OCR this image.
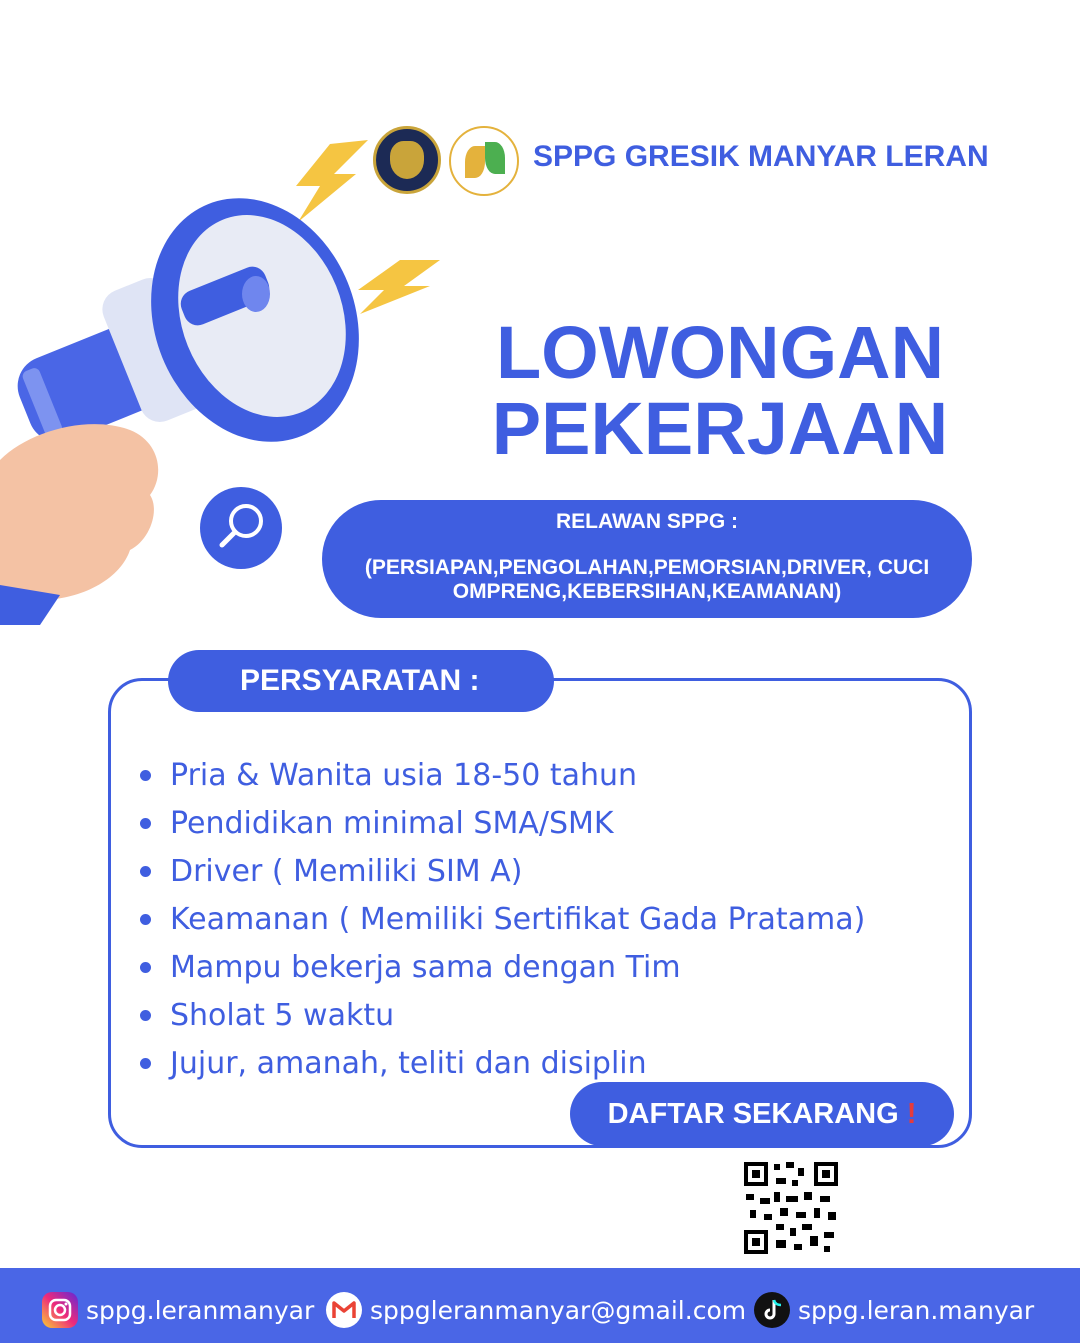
SPPG GRESIK MANYAR LERAN
LOWONGAN
PEKERJAAN
RELAWAN SPPG :
(PERSIAPAN,PENGOLAHAN,PEMORSIAN,DRIVER, CUCI OMPRENG,KEBERSIHAN,KEAMANAN)
PERSYARATAN :
Pria & Wanita usia 18-50 tahun
Pendidikan minimal SMA/SMK
Driver ( Memiliki SIM A)
Keamanan ( Memiliki Sertifikat Gada Pratama)
Mampu bekerja sama dengan Tim
Sholat 5 waktu
Jujur, amanah, teliti dan disiplin
DAFTAR SEKARANG !
sppg.leranmanyar sppgleranmanyar@gmail.com sppg.leran.manyar
